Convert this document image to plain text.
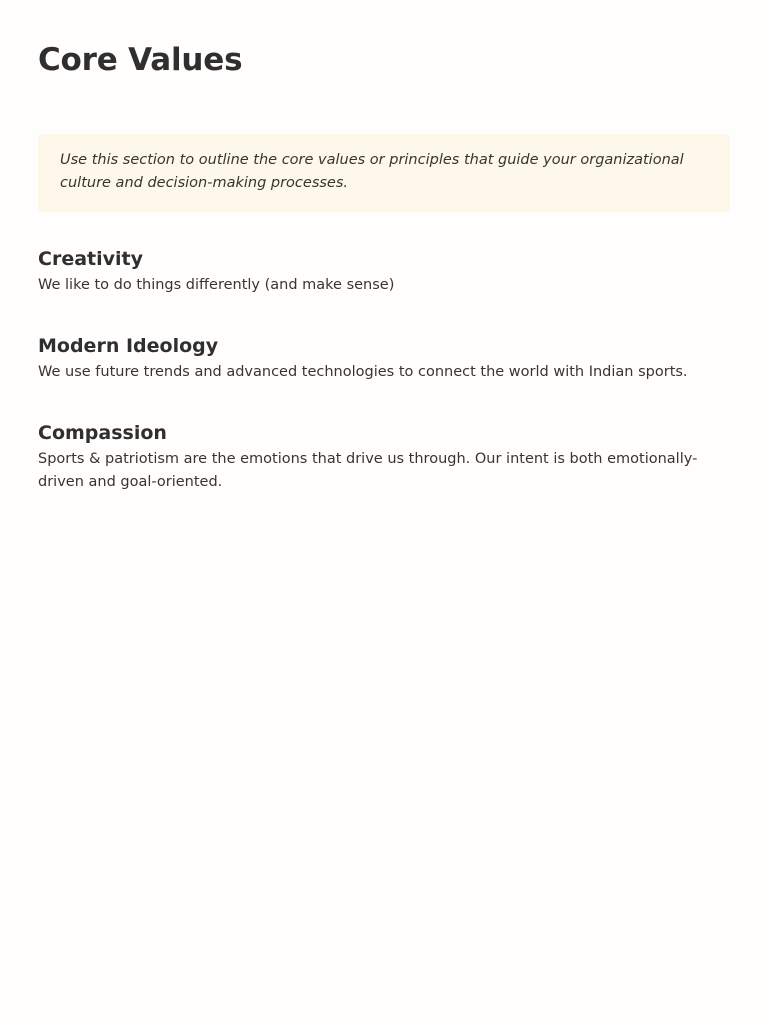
Core Values

Use this section to outline the core values or principles that guide your organizational culture and decision-making processes.

Creativity

We like to do things differently (and make sense)

Modern Ideology

We use future trends and advanced technologies to connect the world with Indian sports.

Compassion

Sports & patriotism are the emotions that drive us through. Our intent is both emotionally-driven and goal-oriented.
